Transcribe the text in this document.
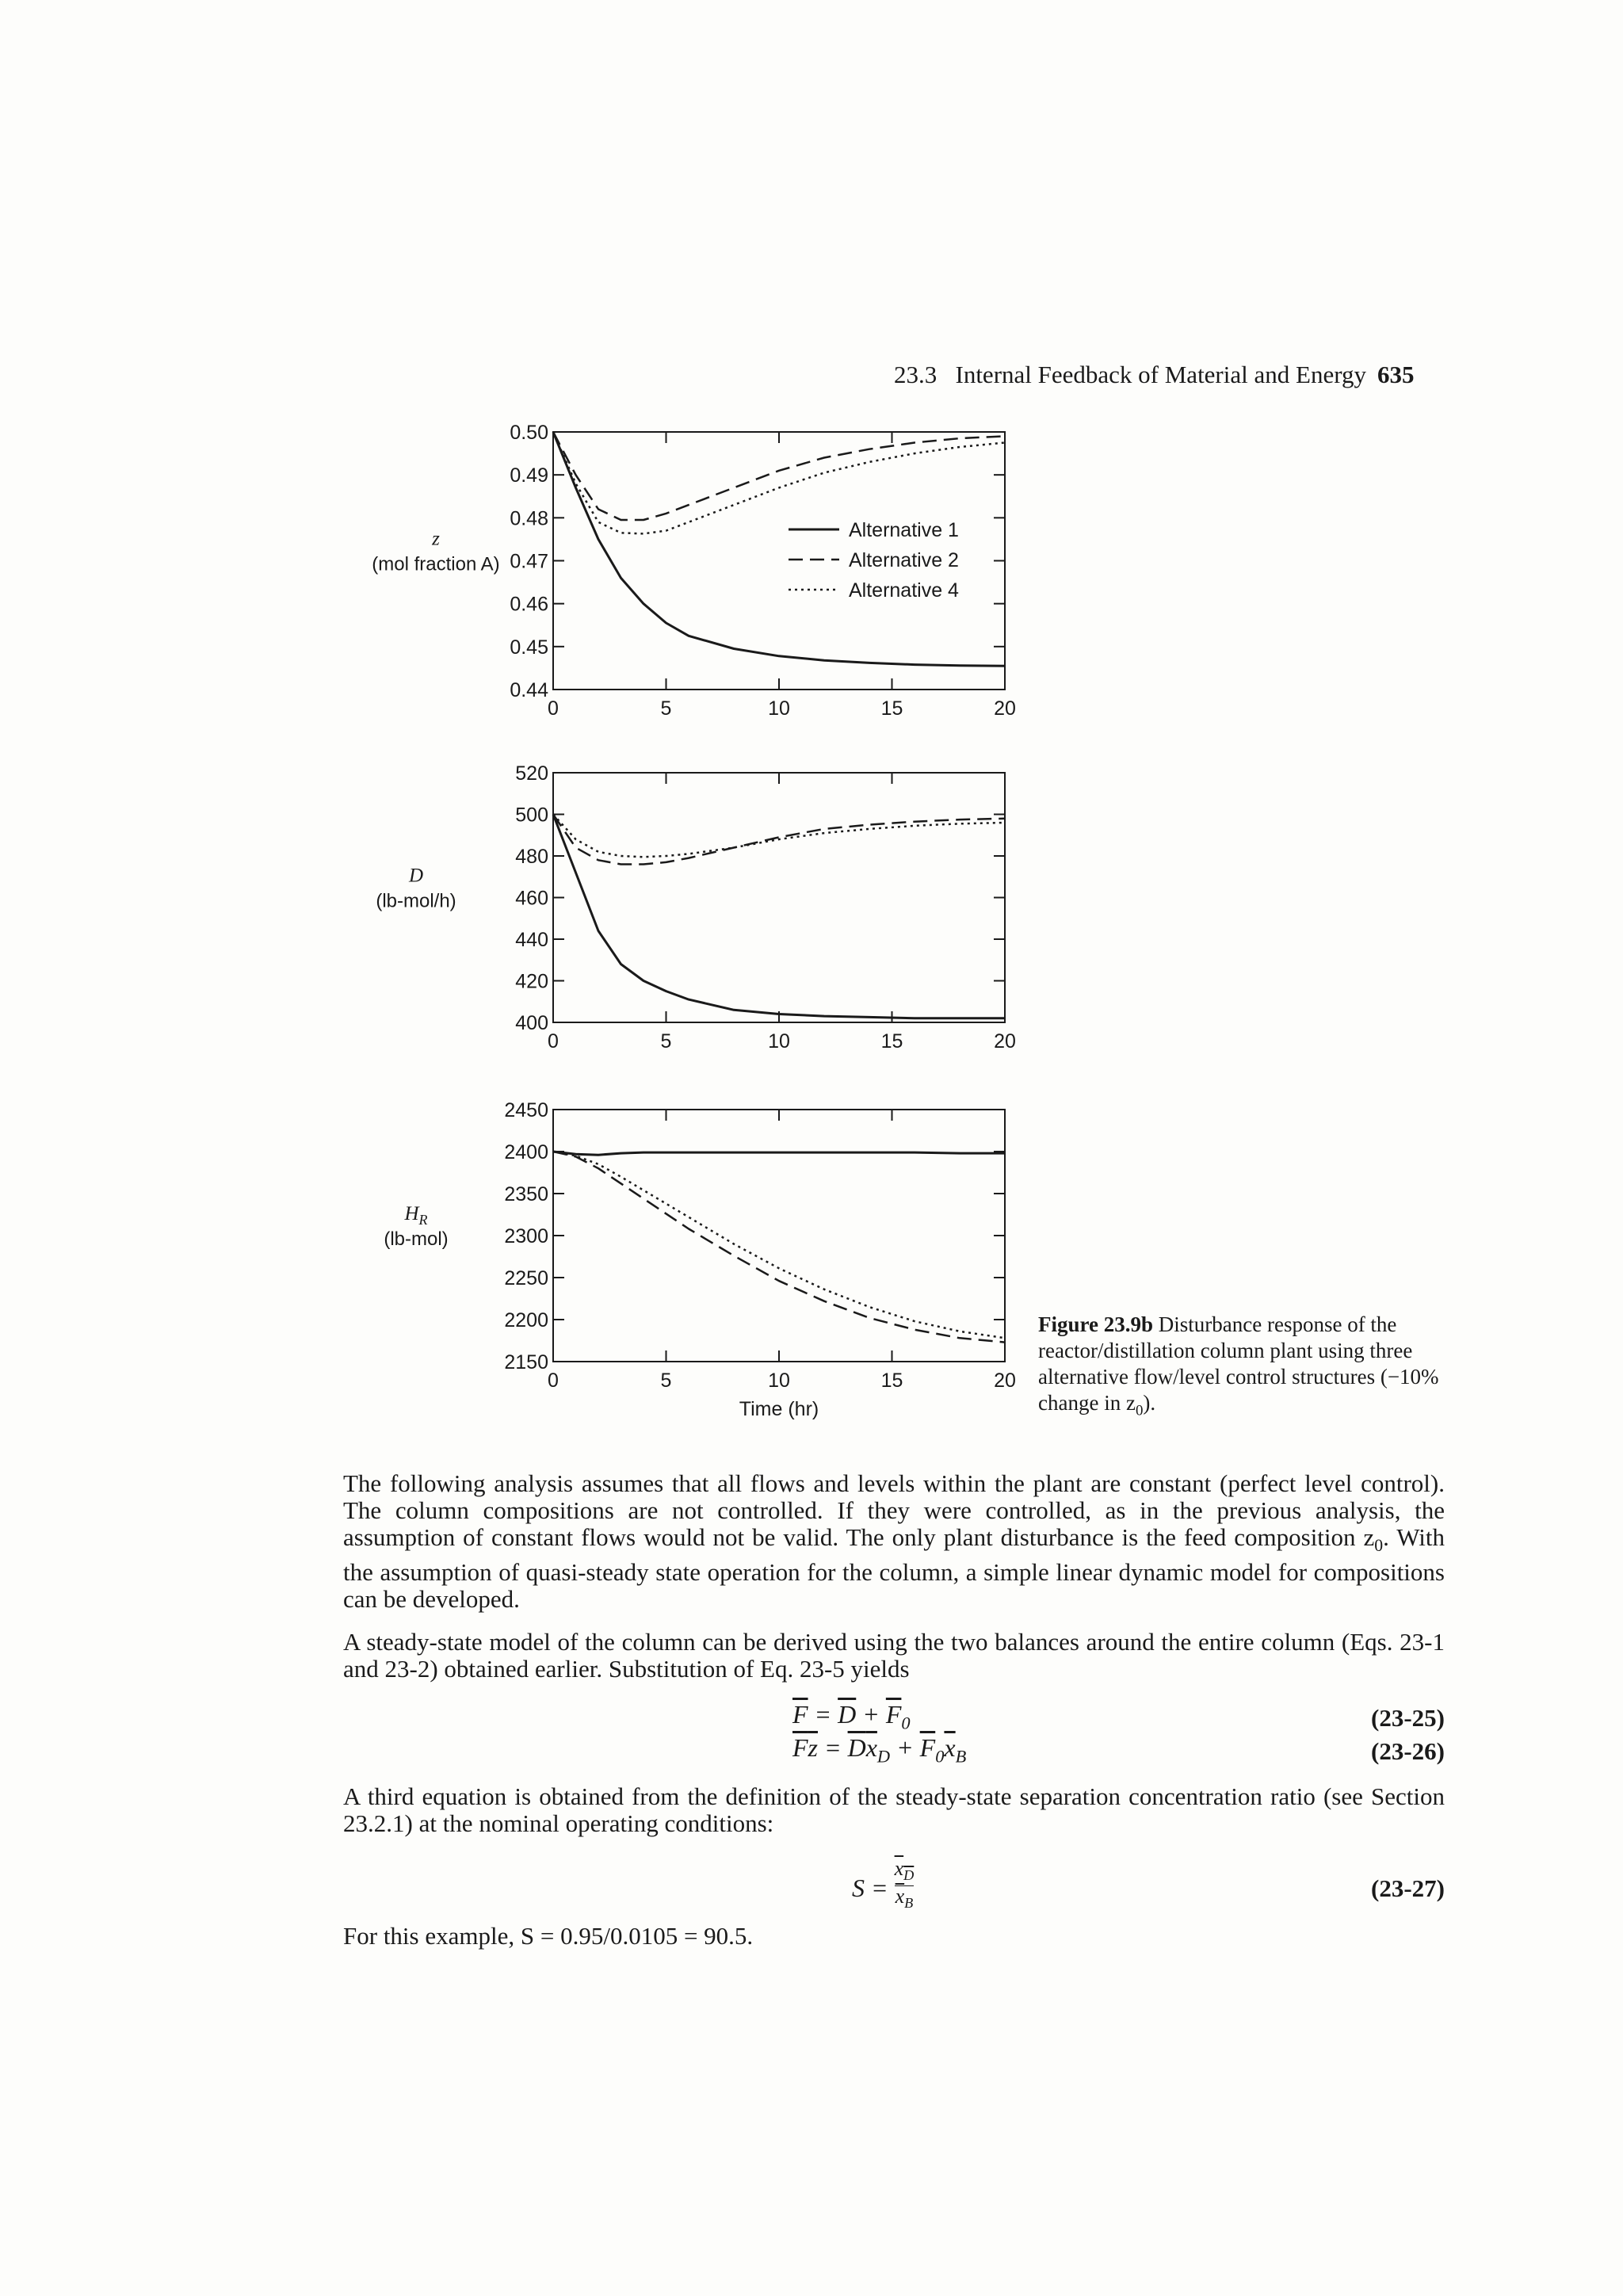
23.3 Internal Feedback of Material and Energy 635
0.44
0.45
0.46
0.47
0.48
0.49
0.50
0	5	10	15	20
z
(mol fraction A)
Alternative 1
Alternative 2
Alternative 4
400
420
440
460
480
500
520
0	5	10	15	20
D
(lb-mol/h)
2150
2200
2250
2300
2350
2400
2450
0	5	10	15	20
$H_R$
(lb-mol)
Time (hr)
Figure 23.9b Disturbance response of the reactor/distillation column plant using three alternative flow/level control structures (−10% change in $z_0$).
The following analysis assumes that all flows and levels within the plant are constant (perfect level control). The column compositions are not controlled. If they were controlled, as in the previous analysis, the assumption of constant flows would not be valid. The only plant disturbance is the feed composition $z_0$. With the assumption of quasi-steady state operation for the column, a simple linear dynamic model for compositions can be developed.
A steady-state model of the column can be derived using the two balances around the entire column (Eqs. 23-1 and 23-2) obtained earlier. Substitution of Eq. 23-5 yields
$\overline{F} = \overline{D} + \overline{F}_0$	(23-25)
$\overline{F}\overline{z} = \overline{D}\overline{x}_D + \overline{F}_0\overline{x}_B$	(23-26)
A third equation is obtained from the definition of the steady-state separation concentration ratio (see Section 23.2.1) at the nominal operating conditions:
$S = \frac{x_D}{\overline{x}_B}$	(23-27)
For this example, S = 0.95/0.0105 = 90.5.
